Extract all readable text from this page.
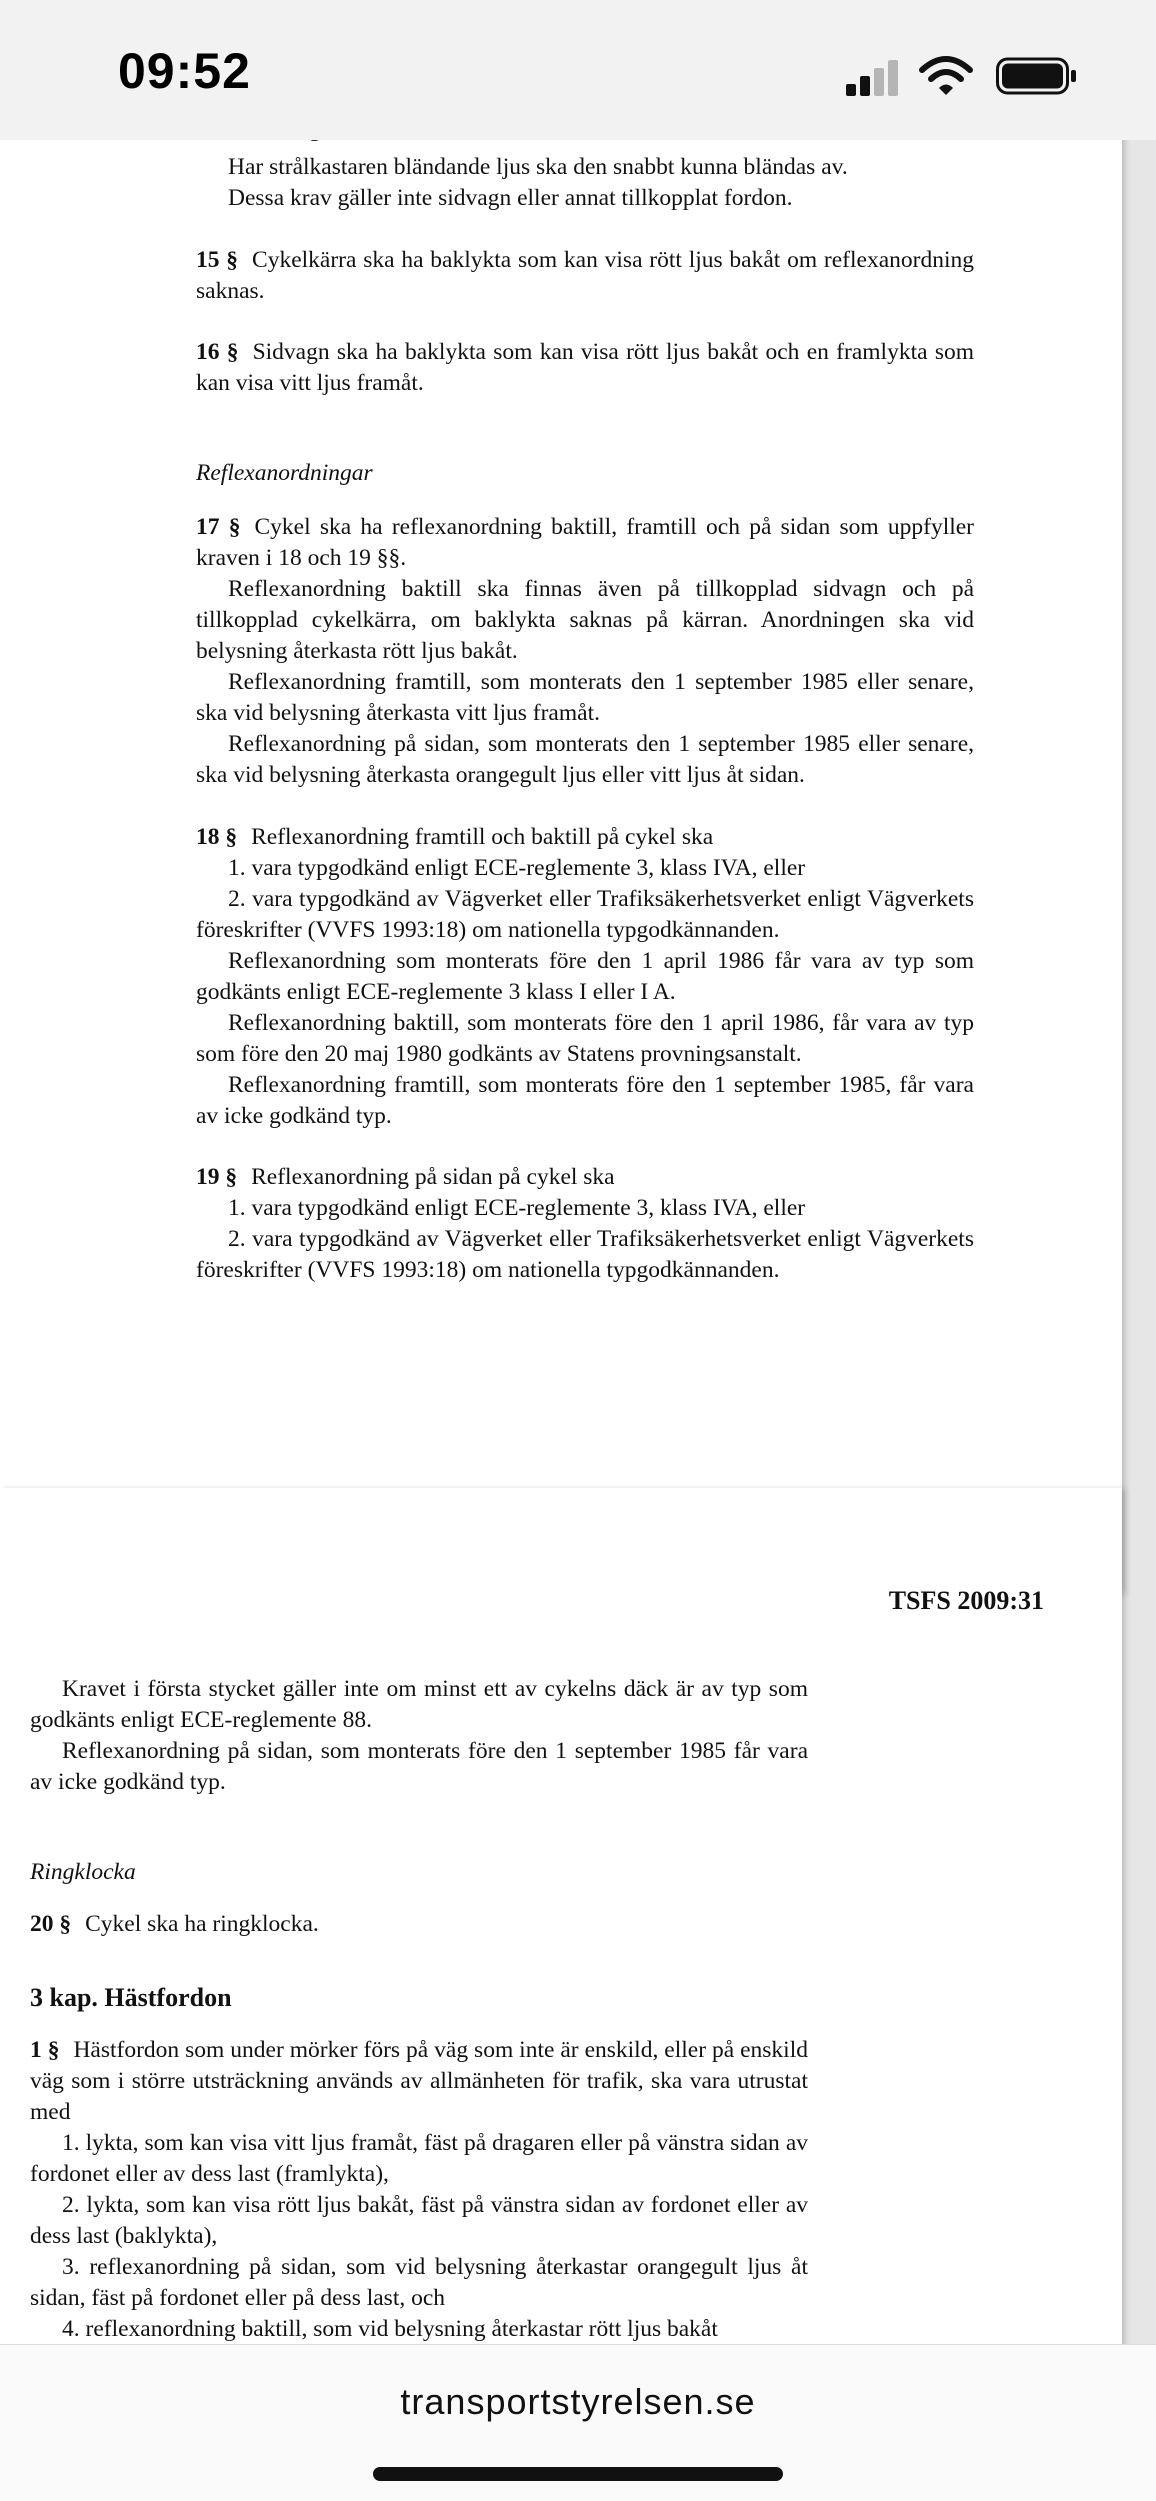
09:52
Har strålkastaren bländande ljus ska den snabbt kunna bländas av.
Dessa krav gäller inte sidvagn eller annat tillkopplat fordon.
15 § Cykelkärra ska ha baklykta som kan visa rött ljus bakåt om reflexanordning saknas.
16 § Sidvagn ska ha baklykta som kan visa rött ljus bakåt och en framlykta som kan visa vitt ljus framåt.
Reflexanordningar
17 § Cykel ska ha reflexanordning baktill, framtill och på sidan som uppfyller kraven i 18 och 19 §§.
Reflexanordning baktill ska finnas även på tillkopplad sidvagn och på tillkopplad cykelkärra, om baklykta saknas på kärran. Anordningen ska vid belysning återkasta rött ljus bakåt.
Reflexanordning framtill, som monterats den 1 september 1985 eller senare, ska vid belysning återkasta vitt ljus framåt.
Reflexanordning på sidan, som monterats den 1 september 1985 eller senare, ska vid belysning återkasta orangegult ljus eller vitt ljus åt sidan.
18 § Reflexanordning framtill och baktill på cykel ska
1. vara typgodkänd enligt ECE-reglemente 3, klass IVA, eller
2. vara typgodkänd av Vägverket eller Trafiksäkerhetsverket enligt Vägverkets föreskrifter (VVFS 1993:18) om nationella typgodkännanden.
Reflexanordning som monterats före den 1 april 1986 får vara av typ som godkänts enligt ECE-reglemente 3 klass I eller I A.
Reflexanordning baktill, som monterats före den 1 april 1986, får vara av typ som före den 20 maj 1980 godkänts av Statens provningsanstalt.
Reflexanordning framtill, som monterats före den 1 september 1985, får vara av icke godkänd typ.
19 § Reflexanordning på sidan på cykel ska
1. vara typgodkänd enligt ECE-reglemente 3, klass IVA, eller
2. vara typgodkänd av Vägverket eller Trafiksäkerhetsverket enligt Vägverkets föreskrifter (VVFS 1993:18) om nationella typgodkännanden.
TSFS 2009:31
Kravet i första stycket gäller inte om minst ett av cykelns däck är av typ som godkänts enligt ECE-reglemente 88.
Reflexanordning på sidan, som monterats före den 1 september 1985 får vara av icke godkänd typ.
Ringklocka
20 § Cykel ska ha ringklocka.
3 kap. Hästfordon
1 § Hästfordon som under mörker förs på väg som inte är enskild, eller på enskild väg som i större utsträckning används av allmänheten för trafik, ska vara utrustat med
1. lykta, som kan visa vitt ljus framåt, fäst på dragaren eller på vänstra sidan av fordonet eller av dess last (framlykta),
2. lykta, som kan visa rött ljus bakåt, fäst på vänstra sidan av fordonet eller av dess last (baklykta),
3. reflexanordning på sidan, som vid belysning återkastar orangegult ljus åt sidan, fäst på fordonet eller på dess last, och
4. reflexanordning baktill, som vid belysning återkastar rött ljus bakåt
transportstyrelsen.se
